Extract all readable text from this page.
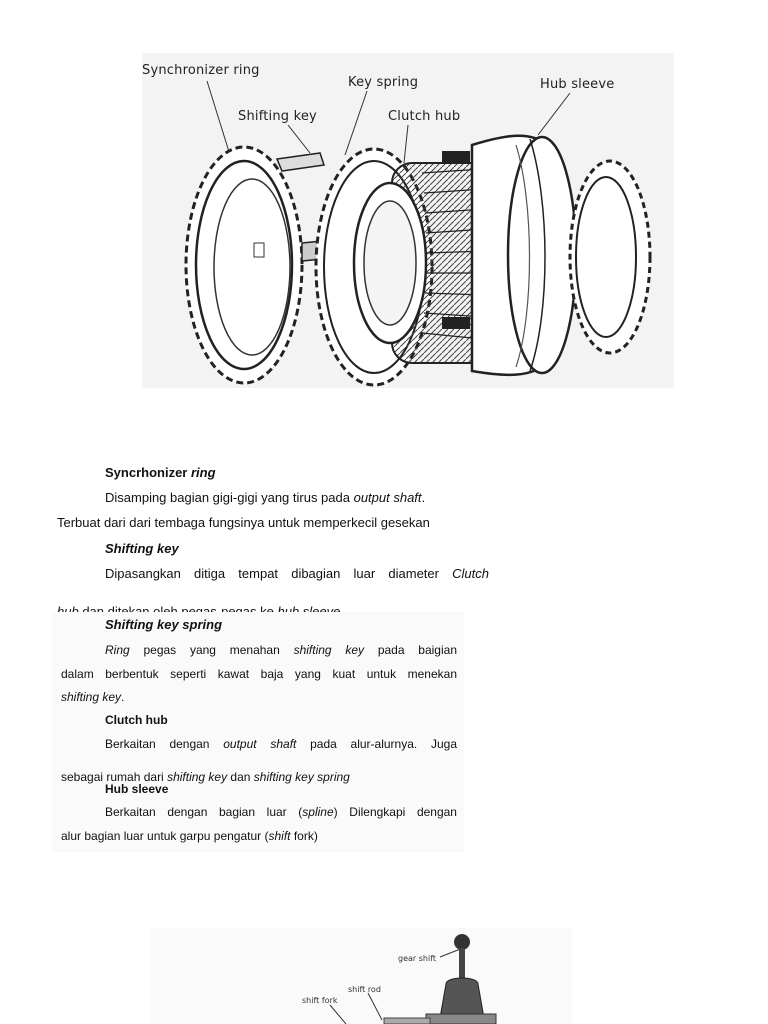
Synchronizer ring
Key spring	Hub sleeve
Shifting key	Clutch hub
Syncrhonizer ring
Disamping bagian gigi-gigi yang tirus pada output shaft.
Terbuat dari dari tembaga fungsinya untuk memperkecil gesekan
Shifting key
Dipasangkan ditiga tempat dibagian luar diameter Clutch
Shifting key spring
Ring pegas yang menahan shifting key pada baigian
dalam berbentuk seperti kawat baja yang kuat untuk menekan
shifting key.
Clutch hub
Berkaitan dengan output shaft pada alur-alurnya. Juga
sebagai rumah dari shifting key dan shifting key spring
Hub sleeve
Berkaitan dengan bagian luar (spline) Dilengkapi dengan
alur bagian luar untuk garpu pengatur (shift fork)
gear shift
shift rod
shift fork
